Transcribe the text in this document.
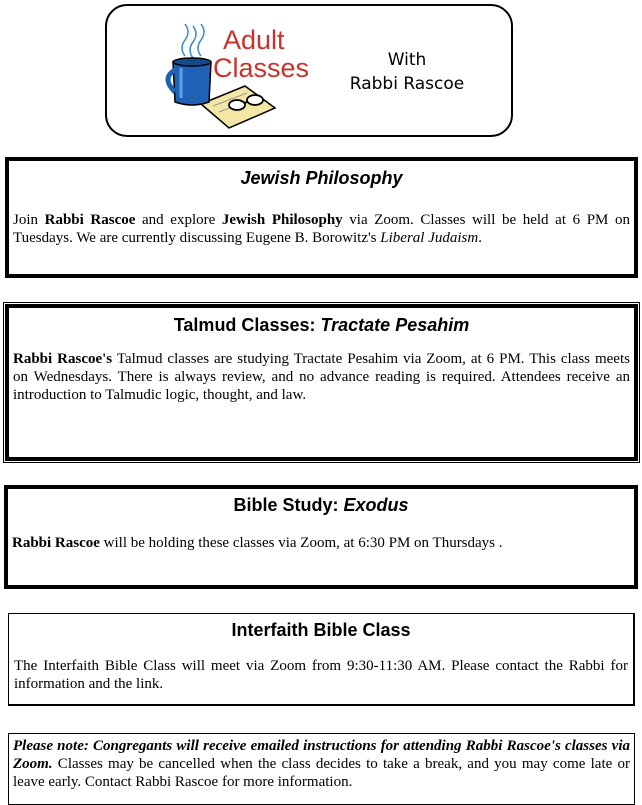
Adult
Classes	With
Rabbi Rascoe
Jewish Philosophy

Join Rabbi Rascoe and explore Jewish Philosophy via Zoom. Classes will be held at 6 PM on Tuesdays. We are currently discussing Eugene B. Borowitz's Liberal Judaism.

Talmud Classes: Tractate Pesahim

Rabbi Rascoe's Talmud classes are studying Tractate Pesahim via Zoom, at 6 PM. This class meets on Wednesdays. There is always review, and no advance reading is required. Attendees receive an introduction to Talmudic logic, thought, and law.

Bible Study: Exodus

Rabbi Rascoe will be holding these classes via Zoom, at 6:30 PM on Thursdays .

Interfaith Bible Class

The Interfaith Bible Class will meet via Zoom from 9:30-11:30 AM. Please contact the Rabbi for information and the link.

Please note: Congregants will receive emailed instructions for attending Rabbi Rascoe's classes via Zoom. Classes may be cancelled when the class decides to take a break, and you may come late or leave early. Contact Rabbi Rascoe for more information.
